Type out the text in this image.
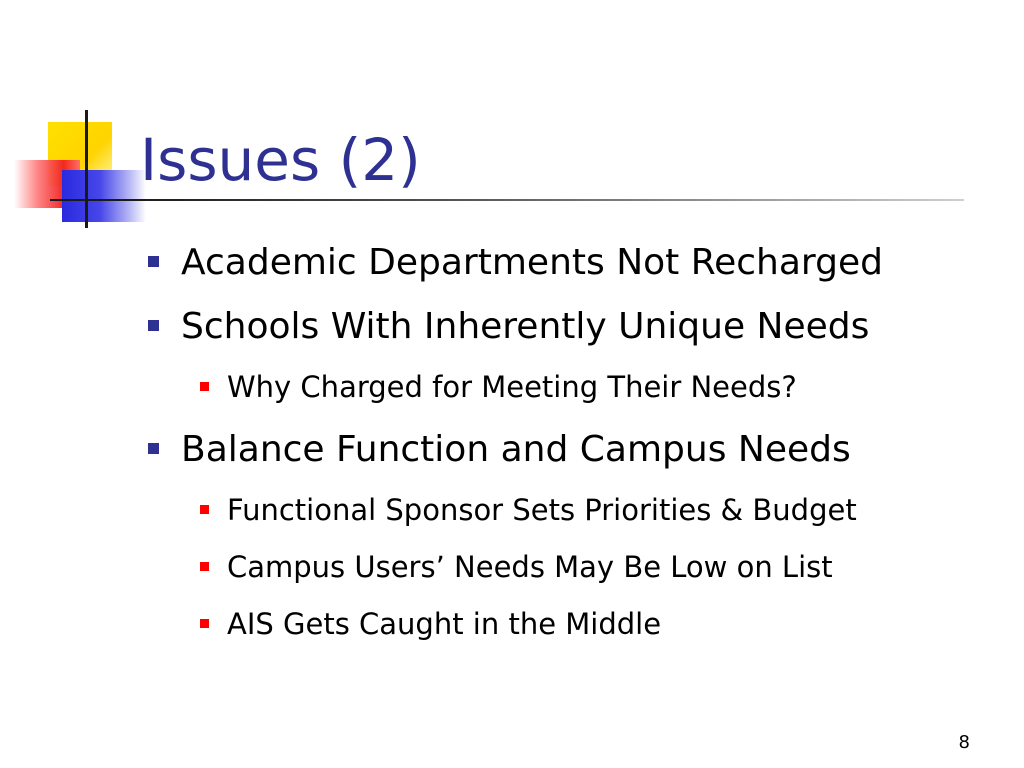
Issues (2)
Academic Departments Not Recharged
Schools With Inherently Unique Needs
Why Charged for Meeting Their Needs?
Balance Function and Campus Needs
Functional Sponsor Sets Priorities & Budget
Campus Users’ Needs May Be Low on List
AIS Gets Caught in the Middle
8
